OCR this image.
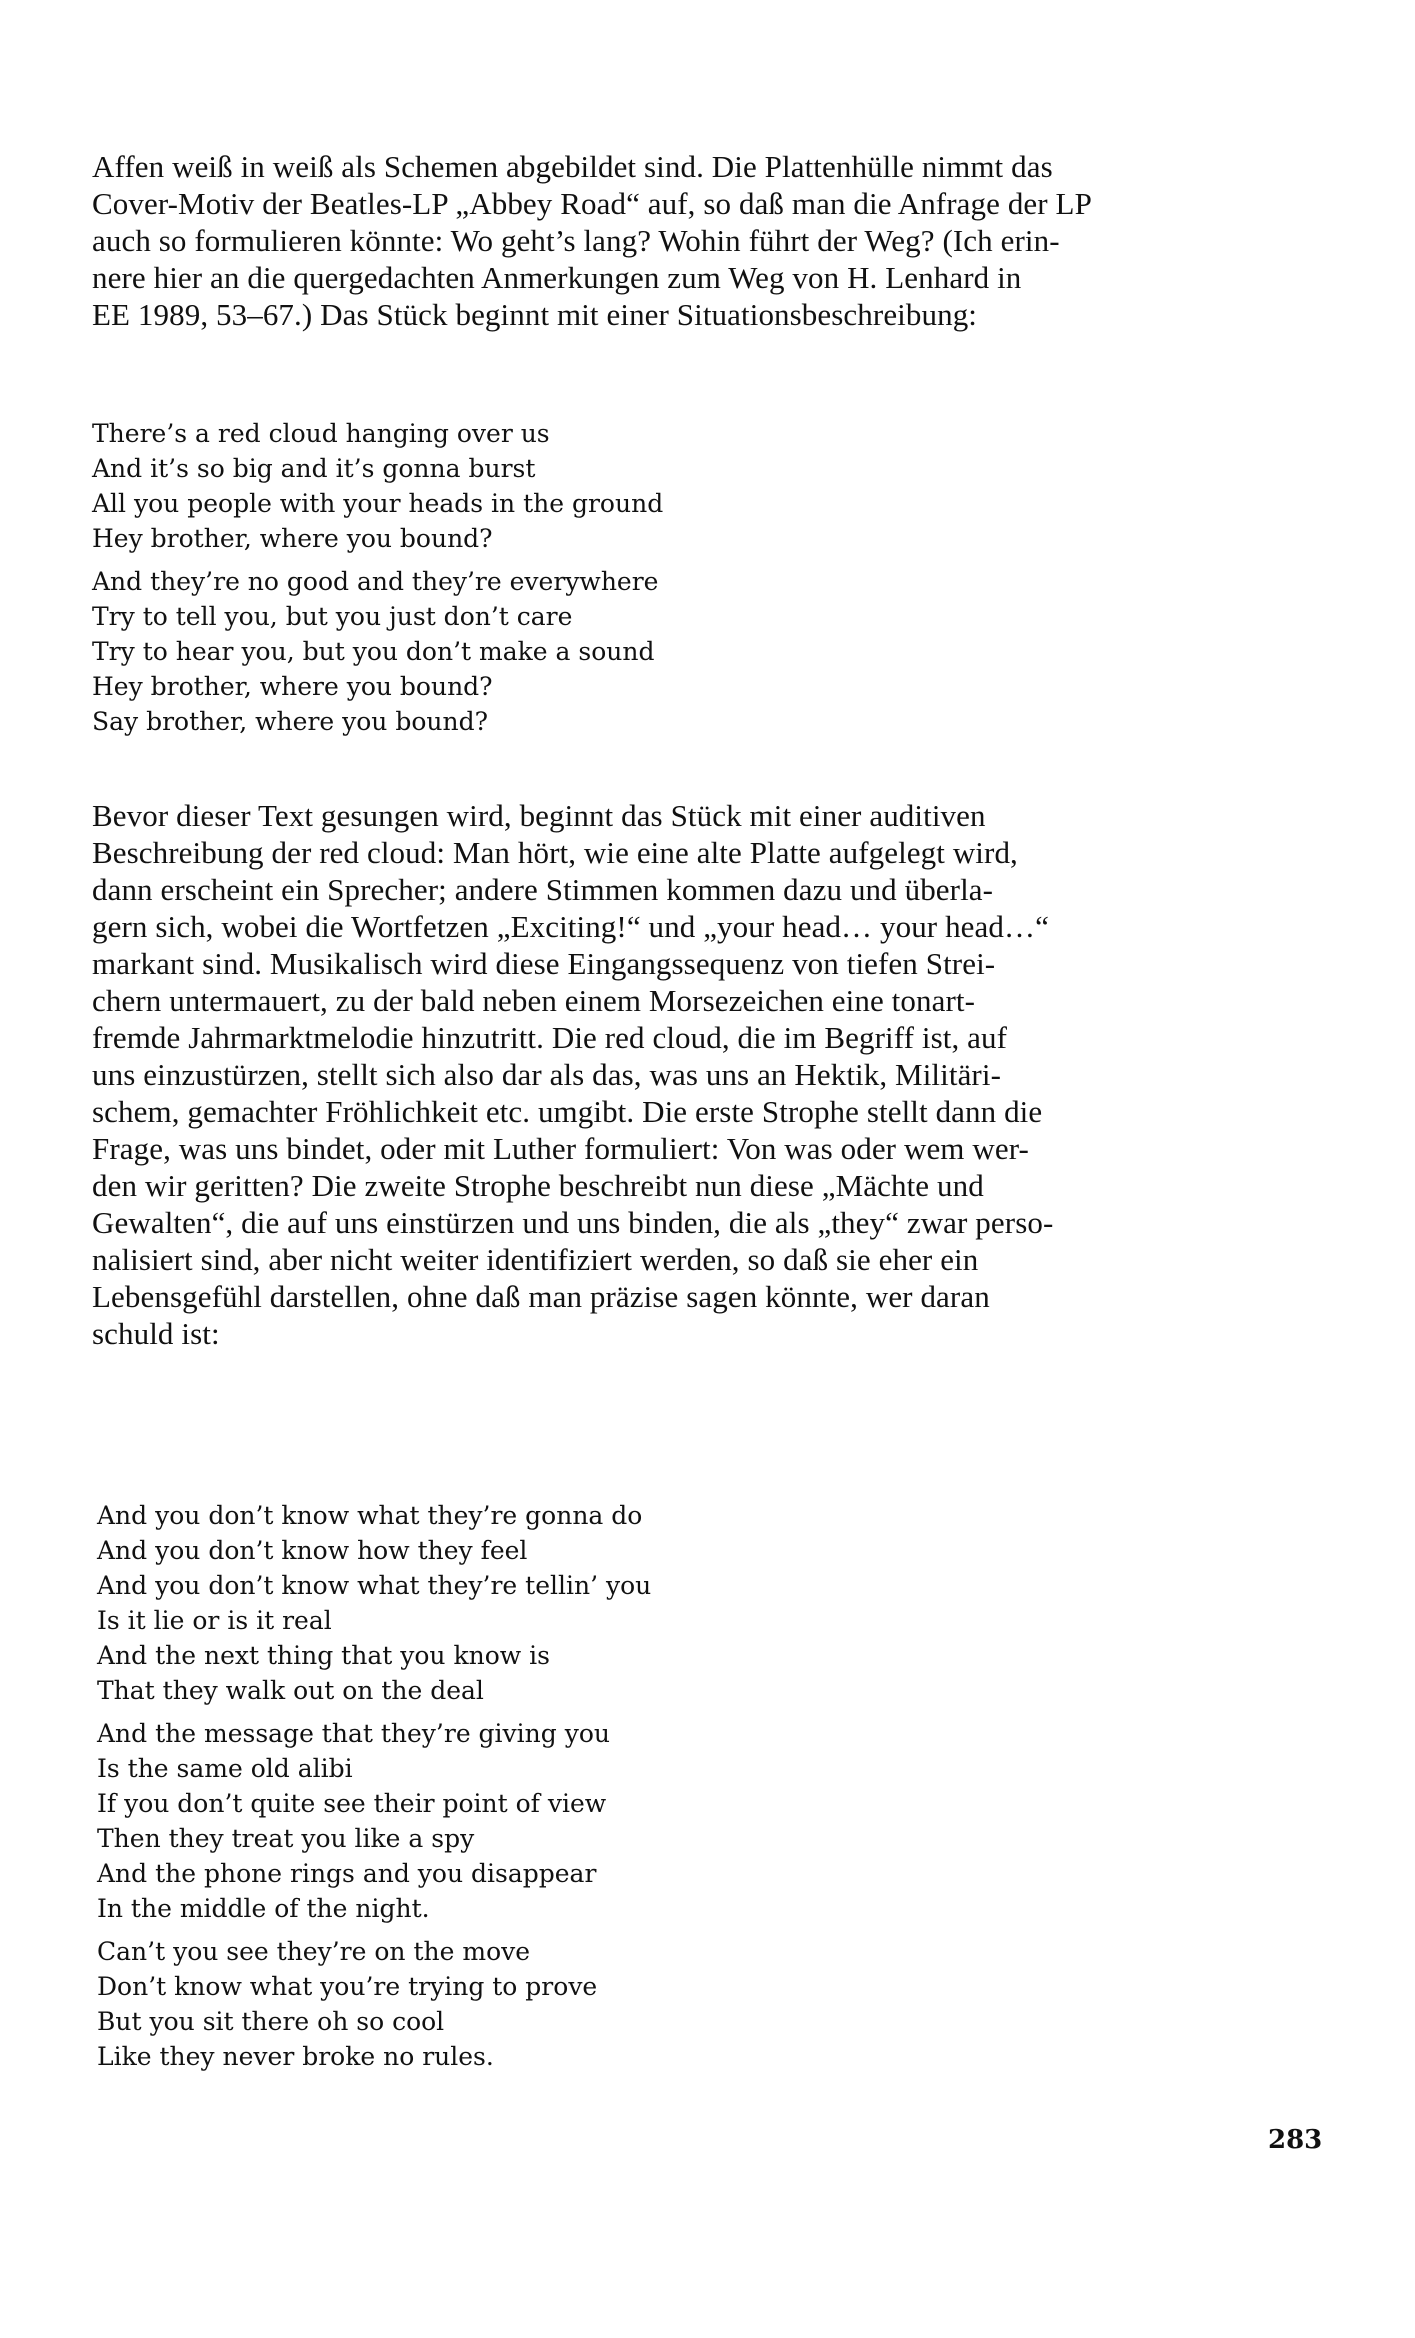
Affen weiß in weiß als Schemen abgebildet sind. Die Plattenhülle nimmt das
Cover-Motiv der Beatles-LP „Abbey Road“ auf, so daß man die Anfrage der LP
auch so formulieren könnte: Wo geht’s lang? Wohin führt der Weg? (Ich erin-
nere hier an die quergedachten Anmerkungen zum Weg von H. Lenhard in
EE 1989, 53–67.) Das Stück beginnt mit einer Situationsbeschreibung:
There’s a red cloud hanging over us
And it’s so big and it’s gonna burst
All you people with your heads in the ground
Hey brother, where you bound?
And they’re no good and they’re everywhere
Try to tell you, but you just don’t care
Try to hear you, but you don’t make a sound
Hey brother, where you bound?
Say brother, where you bound?
Bevor dieser Text gesungen wird, beginnt das Stück mit einer auditiven
Beschreibung der red cloud: Man hört, wie eine alte Platte aufgelegt wird,
dann erscheint ein Sprecher; andere Stimmen kommen dazu und überla-
gern sich, wobei die Wortfetzen „Exciting!“ und „your head… your head…“
markant sind. Musikalisch wird diese Eingangssequenz von tiefen Strei-
chern untermauert, zu der bald neben einem Morsezeichen eine tonart-
fremde Jahrmarktmelodie hinzutritt. Die red cloud, die im Begriff ist, auf
uns einzustürzen, stellt sich also dar als das, was uns an Hektik, Militäri-
schem, gemachter Fröhlichkeit etc. umgibt. Die erste Strophe stellt dann die
Frage, was uns bindet, oder mit Luther formuliert: Von was oder wem wer-
den wir geritten? Die zweite Strophe beschreibt nun diese „Mächte und
Gewalten“, die auf uns einstürzen und uns binden, die als „they“ zwar perso-
nalisiert sind, aber nicht weiter identifiziert werden, so daß sie eher ein
Lebensgefühl darstellen, ohne daß man präzise sagen könnte, wer daran
schuld ist:
And you don’t know what they’re gonna do
And you don’t know how they feel
And you don’t know what they’re tellin’ you
Is it lie or is it real
And the next thing that you know is
That they walk out on the deal
And the message that they’re giving you
Is the same old alibi
If you don’t quite see their point of view
Then they treat you like a spy
And the phone rings and you disappear
In the middle of the night.
Can’t you see they’re on the move
Don’t know what you’re trying to prove
But you sit there oh so cool
Like they never broke no rules.
283
